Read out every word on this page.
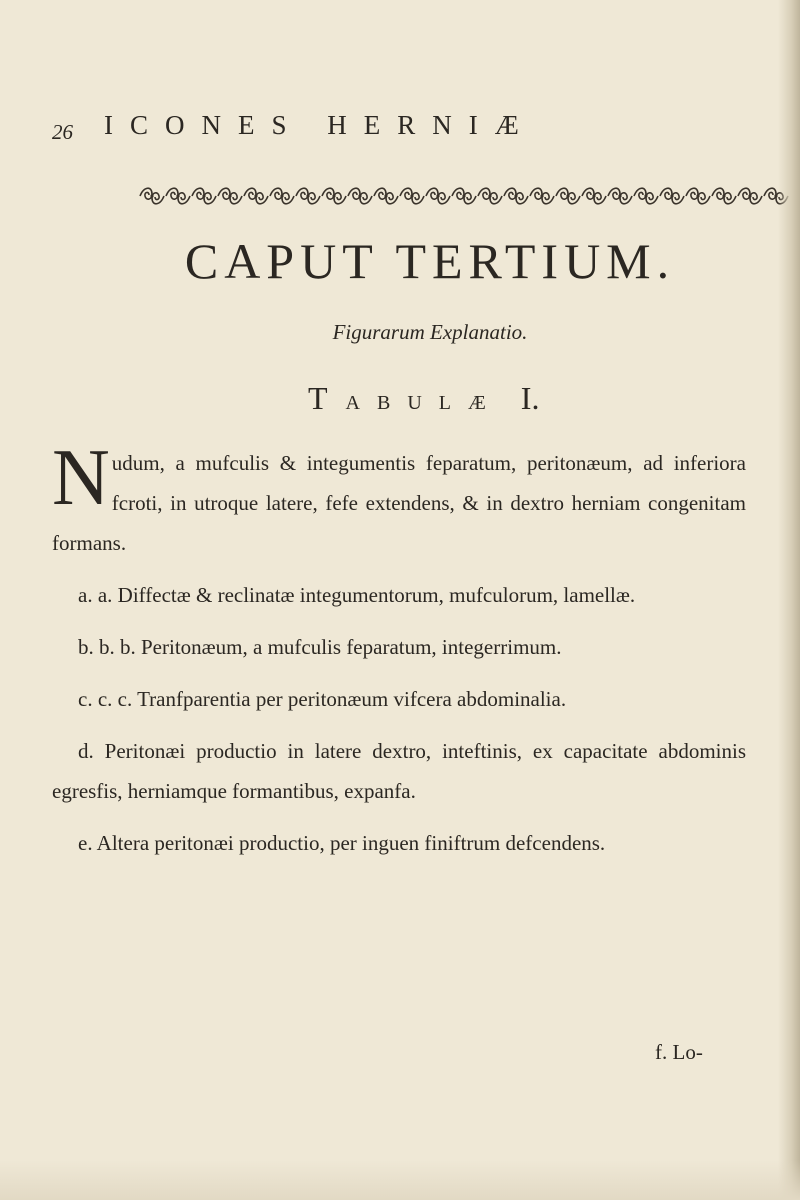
26 ICONES HERNIÆ
CAPUT TERTIUM.
Figurarum Explanatio.
TABULÆ I.

Nudum, a mufculis & integumentis feparatum, peritonæum, ad inferiora fcroti, in utroque latere, fefe extendens, & in dextro herniam congenitam formans.

a. a. Diffectæ & reclinatæ integumentorum, mufculorum, lamellæ.

b. b. b. Peritonæum, a mufculis feparatum, integerrimum.

c. c. c. Tranfparentia per peritonæum vifcera abdominalia.

d. Peritonæi productio in latere dextro, inteftinis, ex capacitate abdominis egresfis, herniamque formantibus, expanfa.

e. Altera peritonæi productio, per inguen finiftrum defcendens.

f. Lo-
